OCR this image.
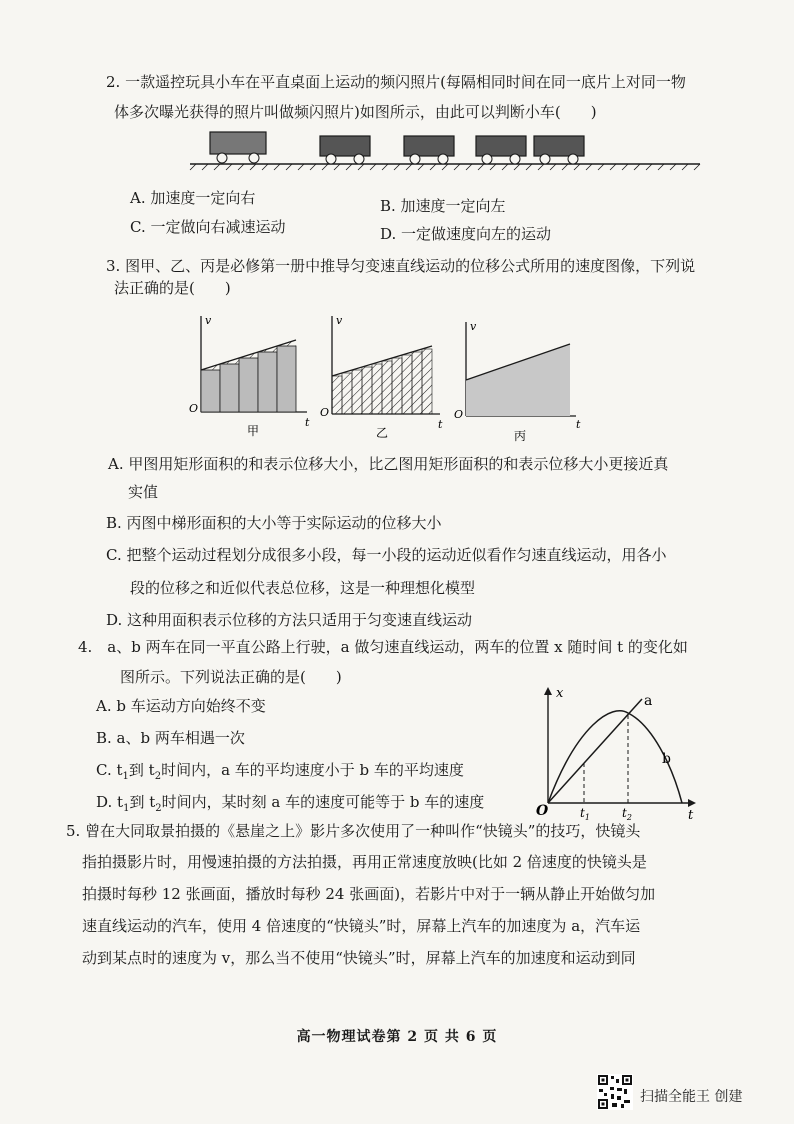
2. 一款遥控玩具小车在平直桌面上运动的频闪照片(每隔相同时间在同一底片上对同一物
体多次曝光获得的照片叫做频闪照片)如图所示，由此可以判断小车(　　)
A. 加速度一定向右	B. 加速度一定向左
C. 一定做向右减速运动	D. 一定做速度向左的运动
3. 图甲、乙、丙是必修第一册中推导匀变速直线运动的位移公式所用的速度图像，下列说
法正确的是(　　)
v
O
t
甲
v
O
t
乙
v
O
t
丙
A. 甲图用矩形面积的和表示位移大小，比乙图用矩形面积的和表示位移大小更接近真
实值
B. 丙图中梯形面积的大小等于实际运动的位移大小
C. 把整个运动过程划分成很多小段，每一小段的运动近似看作匀速直线运动，用各小
段的位移之和近似代表总位移，这是一种理想化模型
D. 这种用面积表示位移的方法只适用于匀变速直线运动
4.　a、b 两车在同一平直公路上行驶，a 做匀速直线运动，两车的位置 x 随时间 t 的变化如
图所示。下列说法正确的是(　　)
A. b 车运动方向始终不变
B. a、b 两车相遇一次
C. $t_1$到 $t_2$时间内，a 车的平均速度小于 b 车的平均速度
D. $t_1$到 $t_2$时间内，某时刻 a 车的速度可能等于 b 车的速度
x	a
b
O	$t_1$	$t_2$	t
5. 曾在大同取景拍摄的《悬崖之上》影片多次使用了一种叫作“快镜头”的技巧，快镜头
指拍摄影片时，用慢速拍摄的方法拍摄，再用正常速度放映(比如 2 倍速度的快镜头是
拍摄时每秒 12 张画面，播放时每秒 24 张画面)，若影片中对于一辆从静止开始做匀加
速直线运动的汽车，使用 4 倍速度的“快镜头”时，屏幕上汽车的加速度为 a，汽车运
动到某点时的速度为 v，那么当不使用“快镜头”时，屏幕上汽车的加速度和运动到同
高一物理试卷第 2 页 共 6 页
扫描全能王 创建
